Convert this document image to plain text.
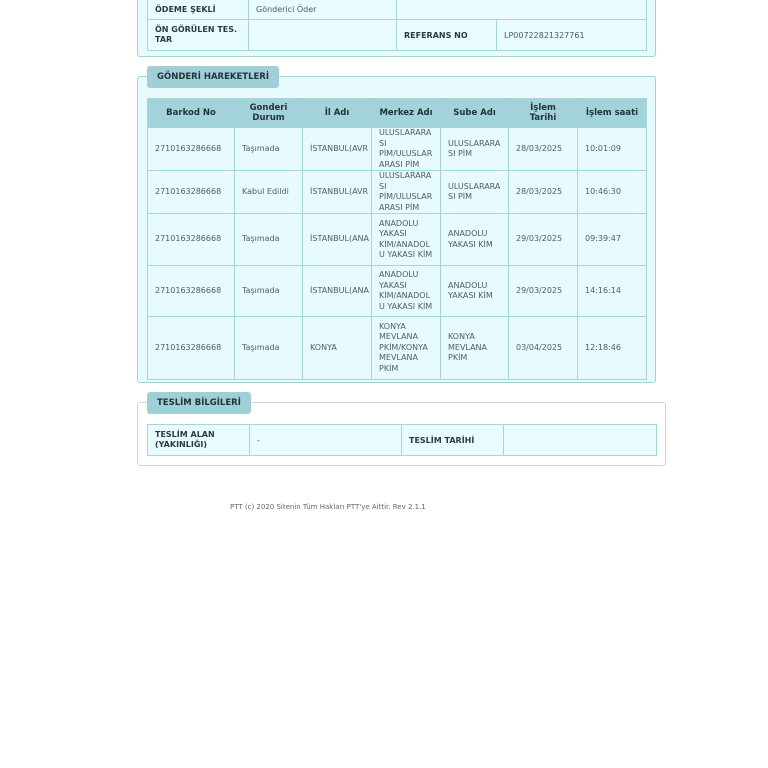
ÖDEME ŞEKLİ	Gönderici Öder		
ÖN GÖRÜLEN TES. TAR		REFERANS NO	LP00722821327761
GÖNDERİ HAREKETLERİ
Barkod No	Gonderi Durum	İl Adı	Merkez Adı	Sube Adı	İşlem Tarihi	İşlem saati
2710163286668	Taşımada	İSTANBUL(AVR	ULUSLARARASI PİM/ULUSLARARASI PİM	ULUSLARARASI PİM	28/03/2025	10:01:09
2710163286668	Kabul Edildi	İSTANBUL(AVR	ULUSLARARASI PİM/ULUSLARARASI PİM	ULUSLARARASI PİM	28/03/2025	10:46:30
2710163286668	Taşımada	İSTANBUL(ANA	ANADOLU YAKASI KİM/ANADOLU YAKASI KİM	ANADOLU YAKASI KİM	29/03/2025	09:39:47
2710163286668	Taşımada	İSTANBUL(ANA	ANADOLU YAKASI KİM/ANADOLU YAKASI KİM	ANADOLU YAKASI KİM	29/03/2025	14:16:14
2710163286668	Taşımada	KONYA	KONYA MEVLANA PKİM/KONYA MEVLANA PKİM	KONYA MEVLANA PKİM	03/04/2025	12:18:46
TESLİM BİLGİLERİ
TESLİM ALAN (YAKINLIĞI)	-	TESLİM TARİHİ	
PTT (c) 2020 Sitenin Tüm Hakları PTT'ye Aittir. Rev 2.1.1
